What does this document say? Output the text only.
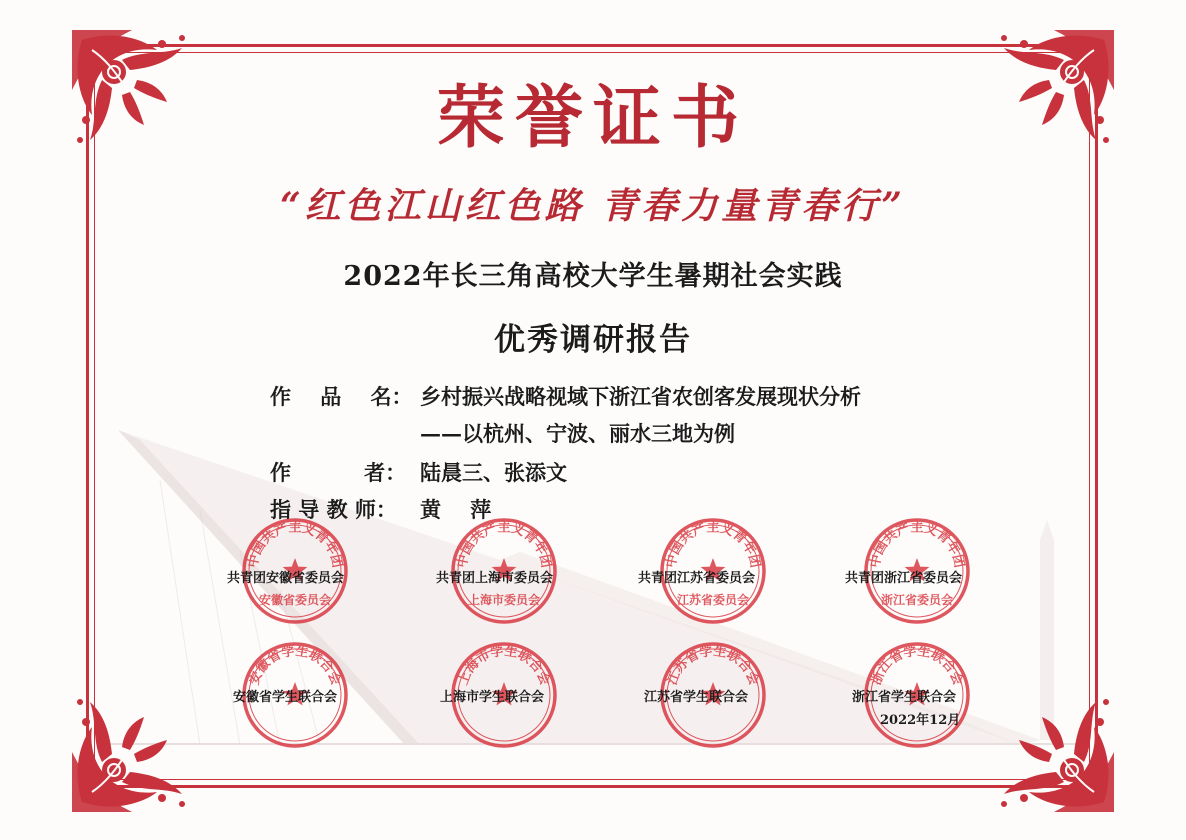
荣誉证书
“红色江山红色路 青春力量青春行”
2022年长三角高校大学生暑期社会实践
优秀调研报告
中国共产主义青年团
安徽省委员会
中国共产主义青年团
上海市委员会
中国共产主义青年团
江苏省委员会
中国共产主义青年团
浙江省委员会
安徽省学生联合会	上海市学生联合会	江苏省学生联合会	浙江省学生联合会
作    品    名： 乡村振兴战略视域下浙江省农创客发展现状分析
——以杭州、宁波、丽水三地为例
作          者： 陆晨三、张添文
指 导 教 师： 黄    萍
共青团安徽省委员会	共青团上海市委员会	共青团江苏省委员会	共青团浙江省委员会
安徽省学生联合会	上海市学生联合会	江苏省学生联合会	浙江省学生联合会
2022年12月
